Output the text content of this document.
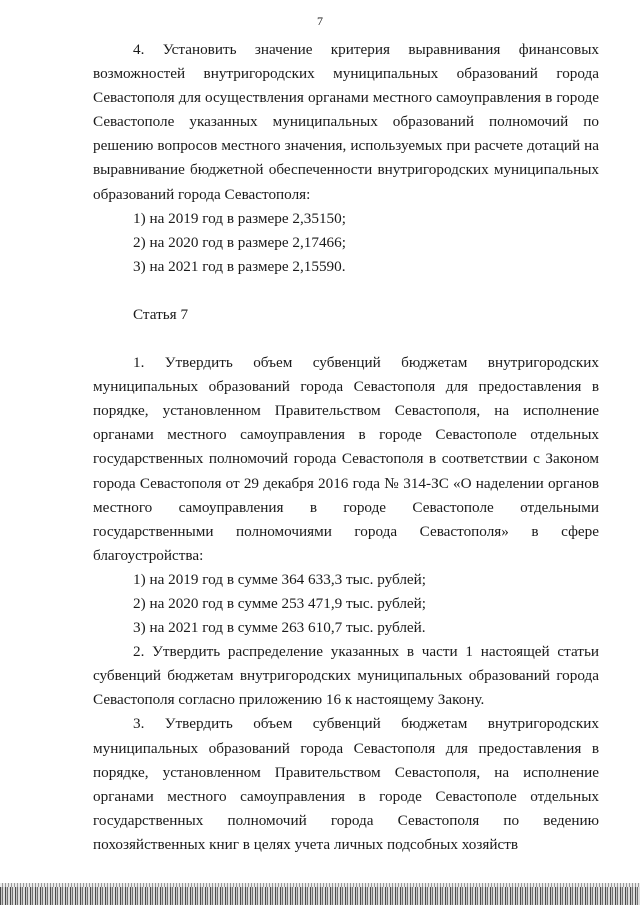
7

4. Установить значение критерия выравнивания финансовых возможностей внутригородских муниципальных образований города Севастополя для осуществления органами местного самоуправления в городе Севастополе указанных муниципальных образований полномочий по решению вопросов местного значения, используемых при расчете дотаций на выравнивание бюджетной обеспеченности внутригородских муниципальных образований города Севастополя:

1) на 2019 год в размере 2,35150;

2) на 2020 год в размере 2,17466;

3) на 2021 год в размере 2,15590.

Статья 7

1. Утвердить объем субвенций бюджетам внутригородских муниципальных образований города Севастополя для предоставления в порядке, установленном Правительством Севастополя, на исполнение органами местного самоуправления в городе Севастополе отдельных государственных полномочий города Севастополя в соответствии с Законом города Севастополя от 29 декабря 2016 года № 314-ЗС «О наделении органов местного самоуправления в городе Севастополе отдельными государственными полномочиями города Севастополя» в сфере благоустройства:

1) на 2019 год в сумме 364 633,3 тыс. рублей;

2) на 2020 год в сумме 253 471,9 тыс. рублей;

3) на 2021 год в сумме 263 610,7 тыс. рублей.

2. Утвердить распределение указанных в части 1 настоящей статьи субвенций бюджетам внутригородских муниципальных образований города Севастополя согласно приложению 16 к настоящему Закону.

3. Утвердить объем субвенций бюджетам внутригородских муниципальных образований города Севастополя для предоставления в порядке, установленном Правительством Севастополя, на исполнение органами местного самоуправления в городе Севастополе отдельных государственных полномочий города Севастополя по ведению похозяйственных книг в целях учета личных подсобных хозяйств
